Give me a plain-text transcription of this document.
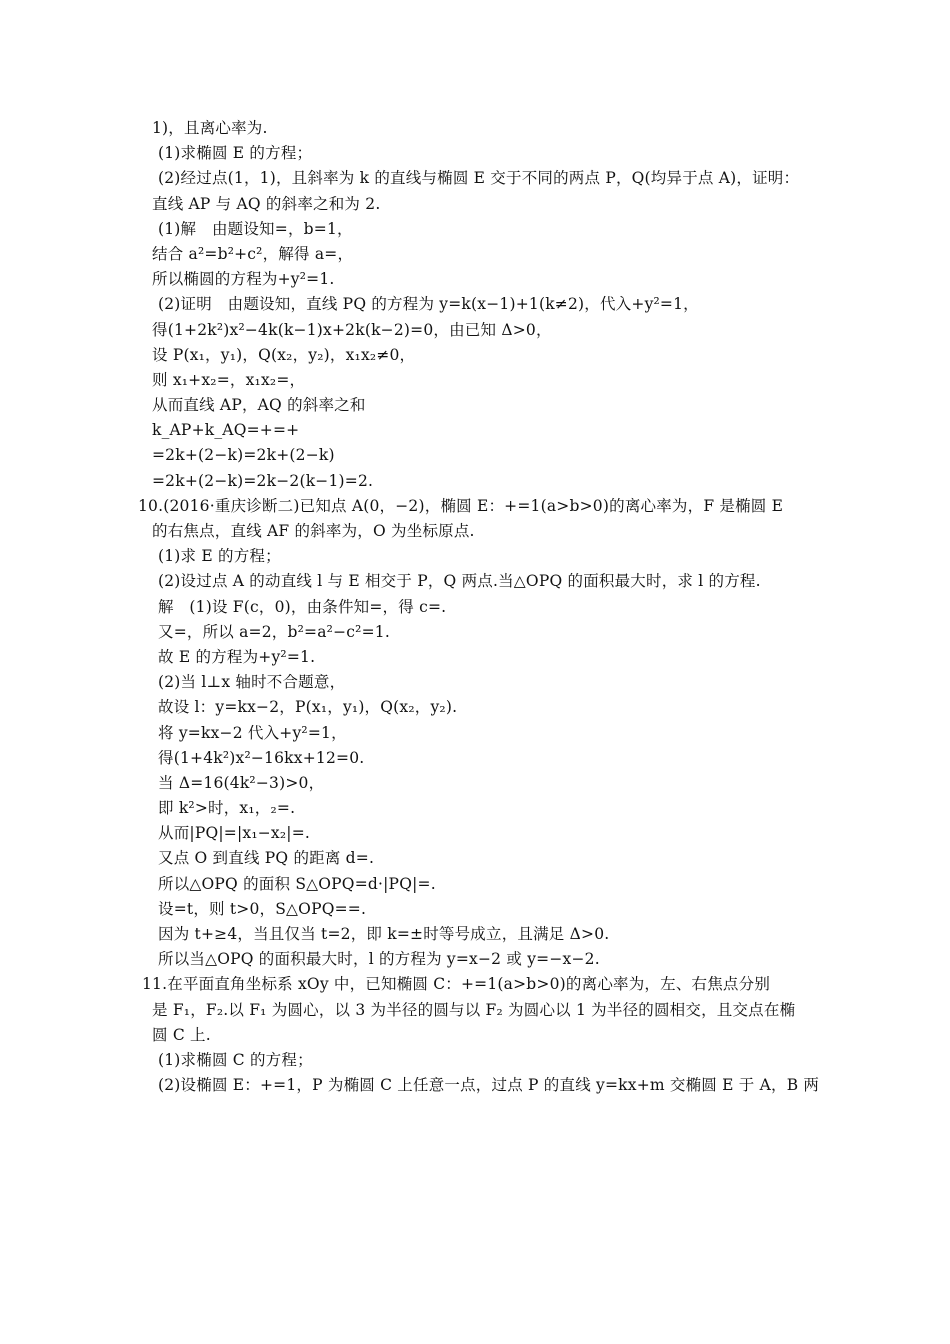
1)，且离心率为.
(1)求椭圆 E 的方程；
(2)经过点(1，1)，且斜率为 k 的直线与椭圆 E 交于不同的两点 P，Q(均异于点 A)，证明：
直线 AP 与 AQ 的斜率之和为 2.
(1)解　由题设知=，b=1，
结合 a²=b²+c²，解得 a=，
所以椭圆的方程为+y²=1.
(2)证明　由题设知，直线 PQ 的方程为 y=k(x−1)+1(k≠2)，代入+y²=1，
得(1+2k²)x²−4k(k−1)x+2k(k−2)=0，由已知 Δ>0，
设 P(x₁，y₁)，Q(x₂，y₂)，x₁x₂≠0，
则 x₁+x₂=，x₁x₂=，
从而直线 AP，AQ 的斜率之和
k_AP+k_AQ=+=+
=2k+(2−k)=2k+(2−k)
=2k+(2−k)=2k−2(k−1)=2.
10.(2016·重庆诊断二)已知点 A(0，−2)，椭圆 E：+=1(a>b>0)的离心率为，F 是椭圆 E
的右焦点，直线 AF 的斜率为，O 为坐标原点.
(1)求 E 的方程；
(2)设过点 A 的动直线 l 与 E 相交于 P，Q 两点.当△OPQ 的面积最大时，求 l 的方程.
解　(1)设 F(c，0)，由条件知=，得 c=.
又=，所以 a=2，b²=a²−c²=1.
故 E 的方程为+y²=1.
(2)当 l⊥x 轴时不合题意，
故设 l：y=kx−2，P(x₁，y₁)，Q(x₂，y₂).
将 y=kx−2 代入+y²=1，
得(1+4k²)x²−16kx+12=0.
当 Δ=16(4k²−3)>0，
即 k²>时，x₁，₂=.
从而|PQ|=|x₁−x₂|=.
又点 O 到直线 PQ 的距离 d=.
所以△OPQ 的面积 S△OPQ=d·|PQ|=.
设=t，则 t>0，S△OPQ==.
因为 t+≥4，当且仅当 t=2，即 k=±时等号成立，且满足 Δ>0.
所以当△OPQ 的面积最大时，l 的方程为 y=x−2 或 y=−x−2.
11.在平面直角坐标系 xOy 中，已知椭圆 C：+=1(a>b>0)的离心率为，左、右焦点分别
是 F₁，F₂.以 F₁ 为圆心，以 3 为半径的圆与以 F₂ 为圆心以 1 为半径的圆相交，且交点在椭
圆 C 上.
(1)求椭圆 C 的方程；
(2)设椭圆 E：+=1，P 为椭圆 C 上任意一点，过点 P 的直线 y=kx+m 交椭圆 E 于 A，B 两
